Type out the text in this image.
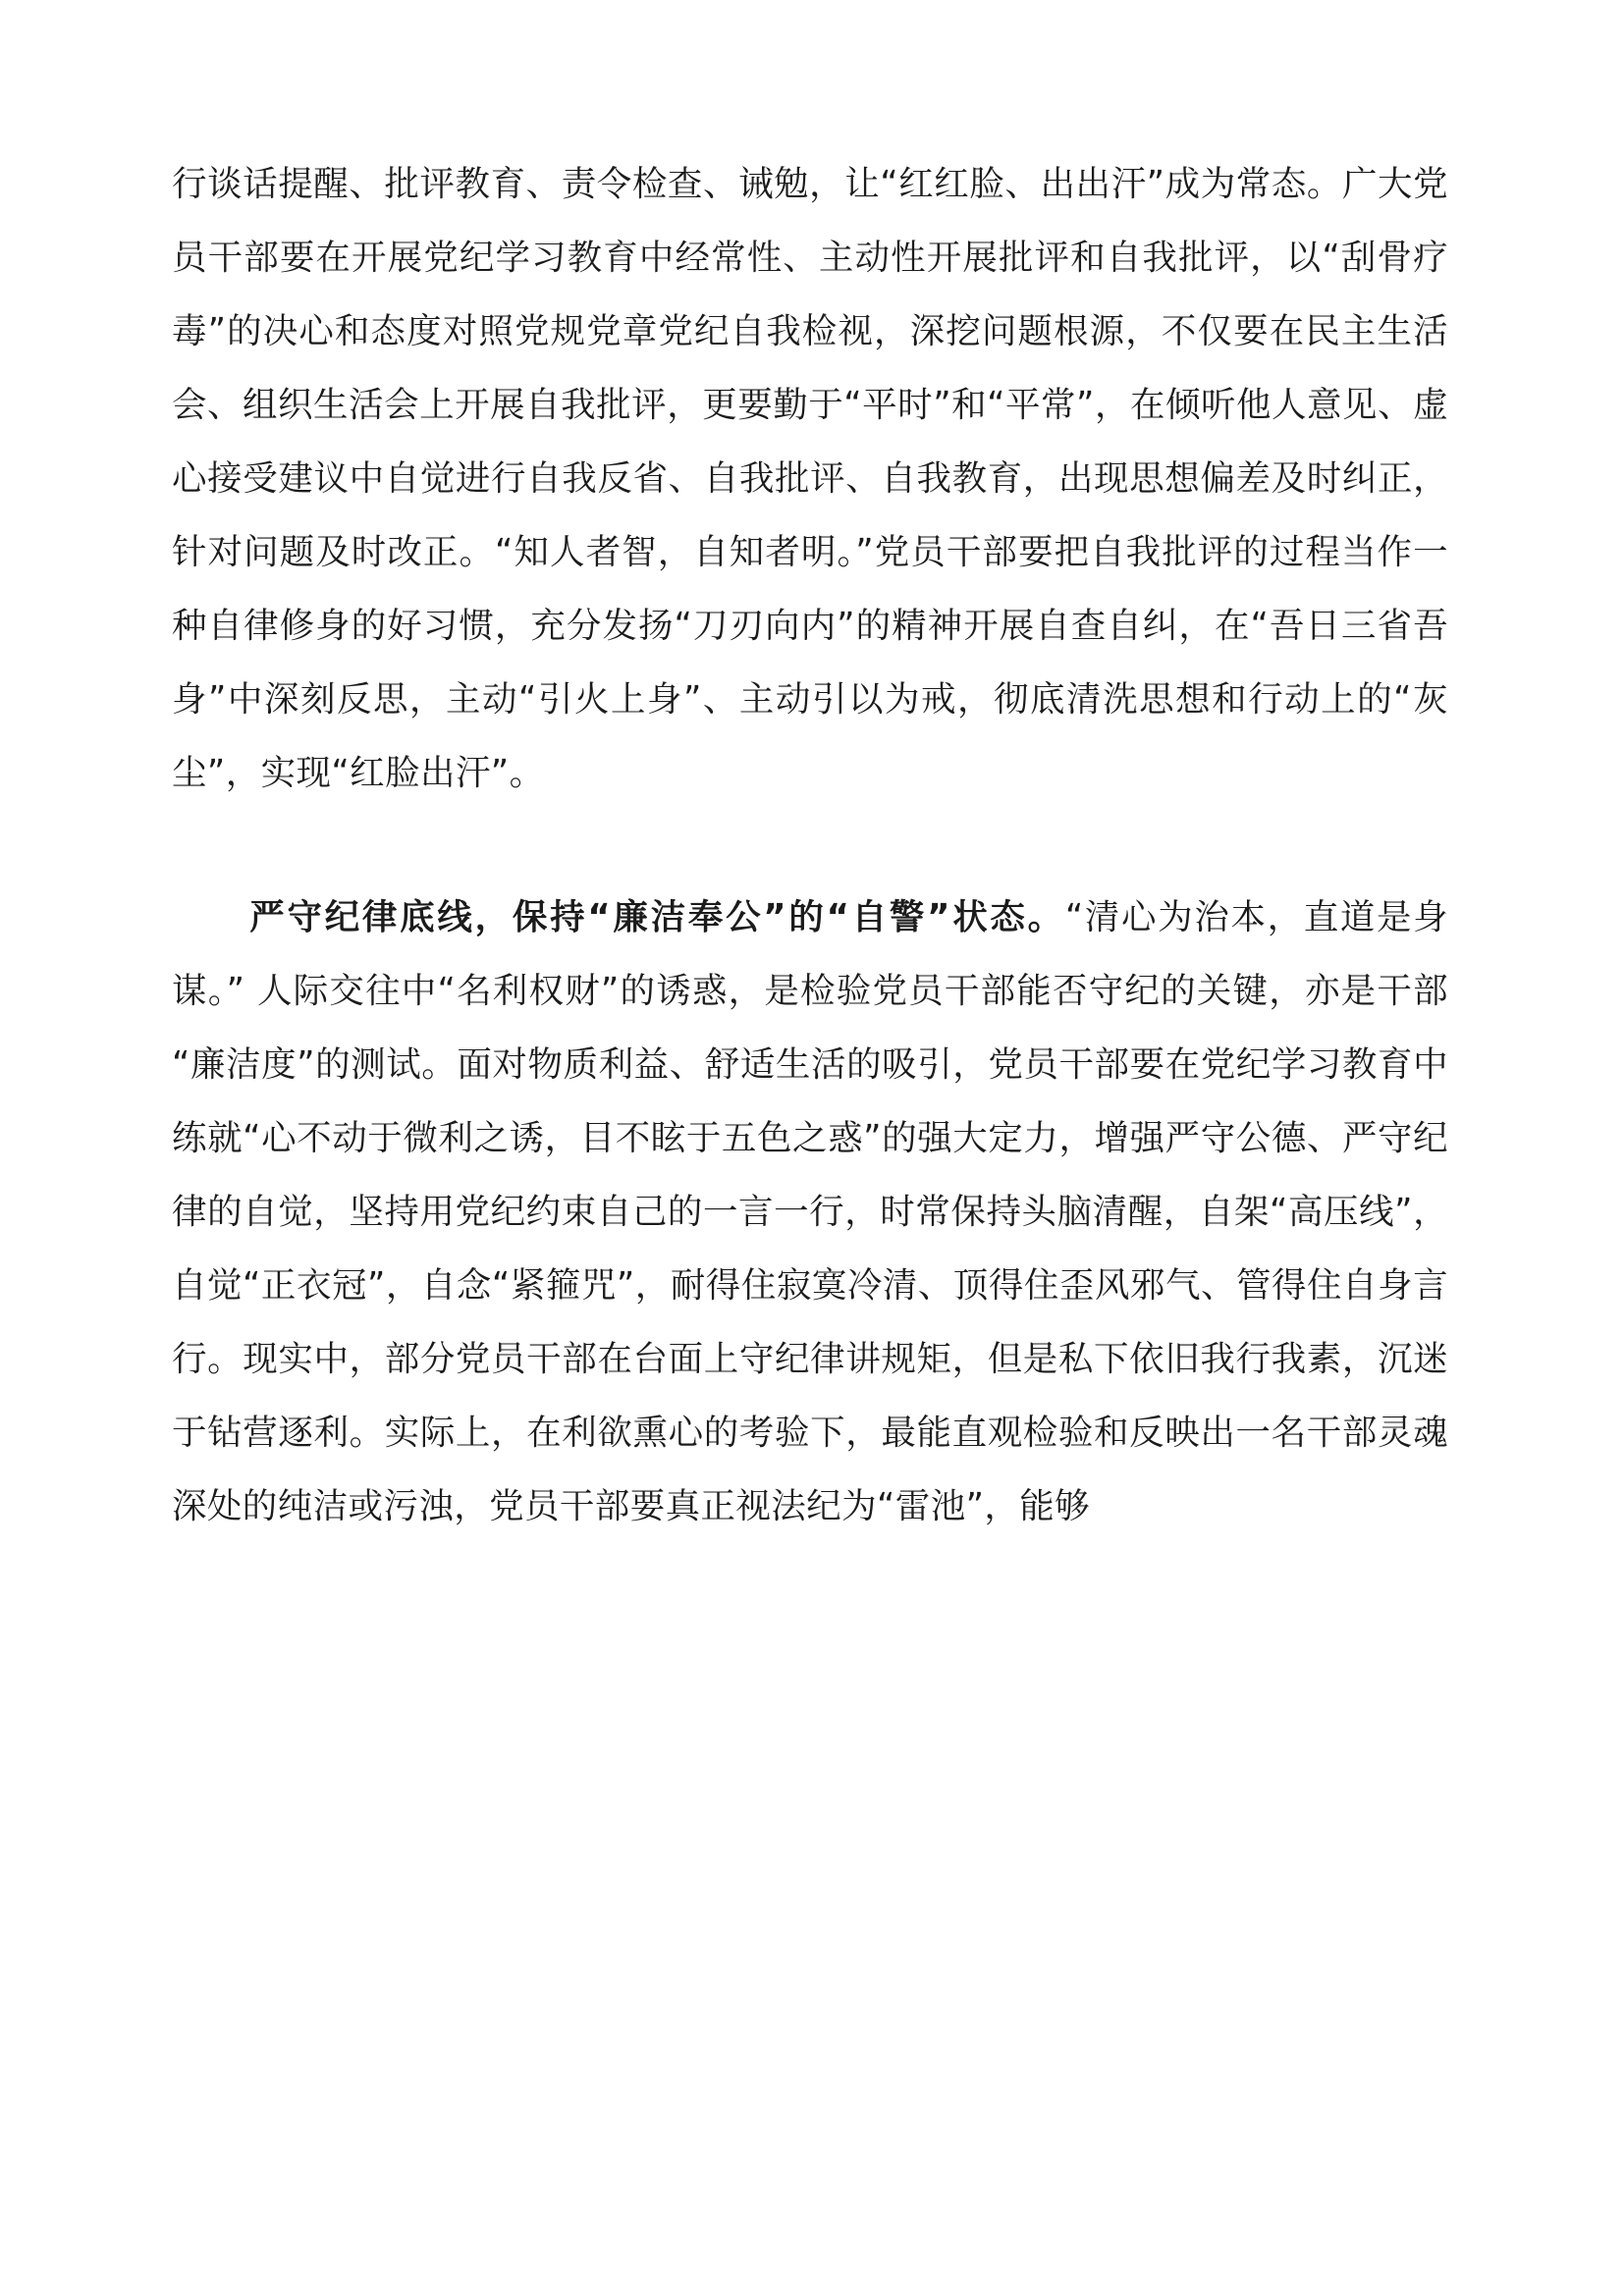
行谈话提醒、批评教育、责令检查、诫勉，让“红红脸、出出汗”成为常态。广大党员干部要在开展党纪学习教育中经常性、主动性开展批评和自我批评，以“刮骨疗毒”的决心和态度对照党规党章党纪自我检视，深挖问题根源，不仅要在民主生活会、组织生活会上开展自我批评，更要勤于“平时”和“平常”，在倾听他人意见、虚心接受建议中自觉进行自我反省、自我批评、自我教育，出现思想偏差及时纠正，针对问题及时改正。“知人者智，自知者明。”党员干部要把自我批评的过程当作一种自律修身的好习惯，充分发扬“刀刃向内”的精神开展自查自纠，在“吾日三省吾身”中深刻反思，主动“引火上身”、主动引以为戒，彻底清洗思想和行动上的“灰尘”，实现“红脸出汗”。

严守纪律底线，保持“廉洁奉公”的“自警”状态。“清心为治本，直道是身谋。” 人际交往中“名利权财”的诱惑，是检验党员干部能否守纪的关键，亦是干部“廉洁度”的测试。面对物质利益、舒适生活的吸引，党员干部要在党纪学习教育中练就“心不动于微利之诱，目不眩于五色之惑”的强大定力，增强严守公德、严守纪律的自觉，坚持用党纪约束自己的一言一行，时常保持头脑清醒，自架“高压线”，自觉“正衣冠”，自念“紧箍咒”，耐得住寂寞冷清、顶得住歪风邪气、管得住自身言行。现实中，部分党员干部在台面上守纪律讲规矩，但是私下依旧我行我素，沉迷于钻营逐利。实际上，在利欲熏心的考验下，最能直观检验和反映出一名干部灵魂深处的纯洁或污浊，党员干部要真正视法纪为“雷池”，能够
